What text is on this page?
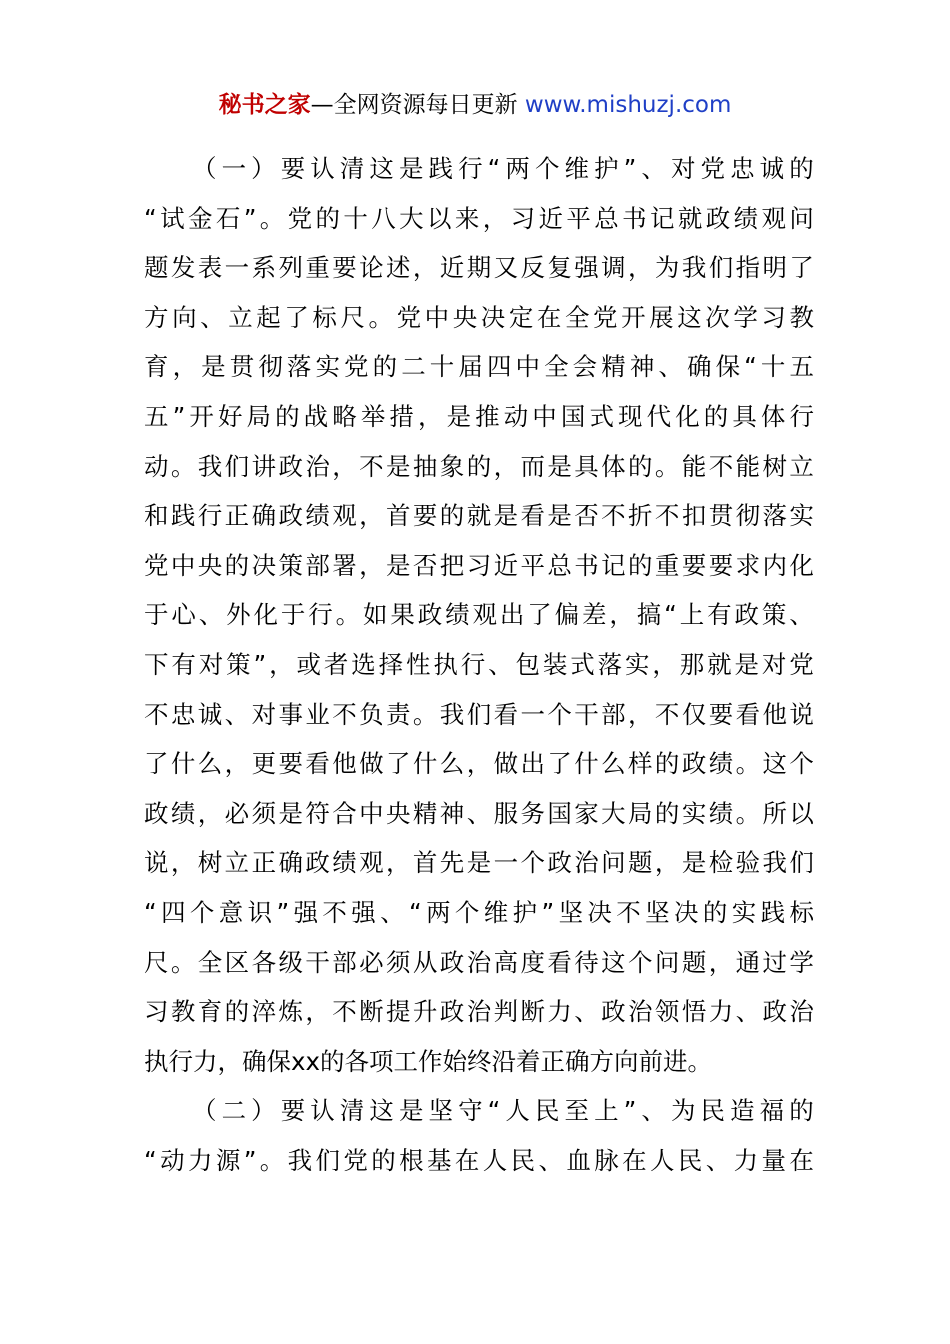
秘书之家—全网资源每日更新 www.mishuzj.com
（ 一 ） 要 认 清 这 是 践 行 “ 两 个 维 护 ” 、 对 党 忠 诚 的
“ 试 金 石 ” 。 党 的 十 八 大 以 来 ， 习 近 平 总 书 记 就 政 绩 观 问
题 发 表 一 系 列 重 要 论 述 ， 近 期 又 反 复 强 调 ， 为 我 们 指 明 了
方 向 、 立 起 了 标 尺 。 党 中 央 决 定 在 全 党 开 展 这 次 学 习 教
育 ， 是 贯 彻 落 实 党 的 二 十 届 四 中 全 会 精 神 、 确 保 “ 十 五
五 ” 开 好 局 的 战 略 举 措 ， 是 推 动 中 国 式 现 代 化 的 具 体 行
动 。 我 们 讲 政 治 ， 不 是 抽 象 的 ， 而 是 具 体 的 。 能 不 能 树 立
和 践 行 正 确 政 绩 观 ， 首 要 的 就 是 看 是 否 不 折 不 扣 贯 彻 落 实
党 中 央 的 决 策 部 署 ， 是 否 把 习 近 平 总 书 记 的 重 要 要 求 内 化
于 心 、 外 化 于 行 。 如 果 政 绩 观 出 了 偏 差 ， 搞 “ 上 有 政 策 、
下 有 对 策 ” ， 或 者 选 择 性 执 行 、 包 装 式 落 实 ， 那 就 是 对 党
不 忠 诚 、 对 事 业 不 负 责 。 我 们 看 一 个 干 部 ， 不 仅 要 看 他 说
了 什 么 ， 更 要 看 他 做 了 什 么 ， 做 出 了 什 么 样 的 政 绩 。 这 个
政 绩 ， 必 须 是 符 合 中 央 精 神 、 服 务 国 家 大 局 的 实 绩 。 所 以
说 ， 树 立 正 确 政 绩 观 ， 首 先 是 一 个 政 治 问 题 ， 是 检 验 我 们
“ 四 个 意 识 ” 强 不 强 、 “ 两 个 维 护 ” 坚 决 不 坚 决 的 实 践 标
尺 。 全 区 各 级 干 部 必 须 从 政 治 高 度 看 待 这 个 问 题 ， 通 过 学
习 教 育 的 淬 炼 ， 不 断 提 升 政 治 判 断 力 、 政 治 领 悟 力 、 政 治
执行力，确保xx的各项工作始终沿着正确方向前进。
（ 二 ） 要 认 清 这 是 坚 守 “ 人 民 至 上 ” 、 为 民 造 福 的
“ 动 力 源 ” 。 我 们 党 的 根 基 在 人 民 、 血 脉 在 人 民 、 力 量 在
